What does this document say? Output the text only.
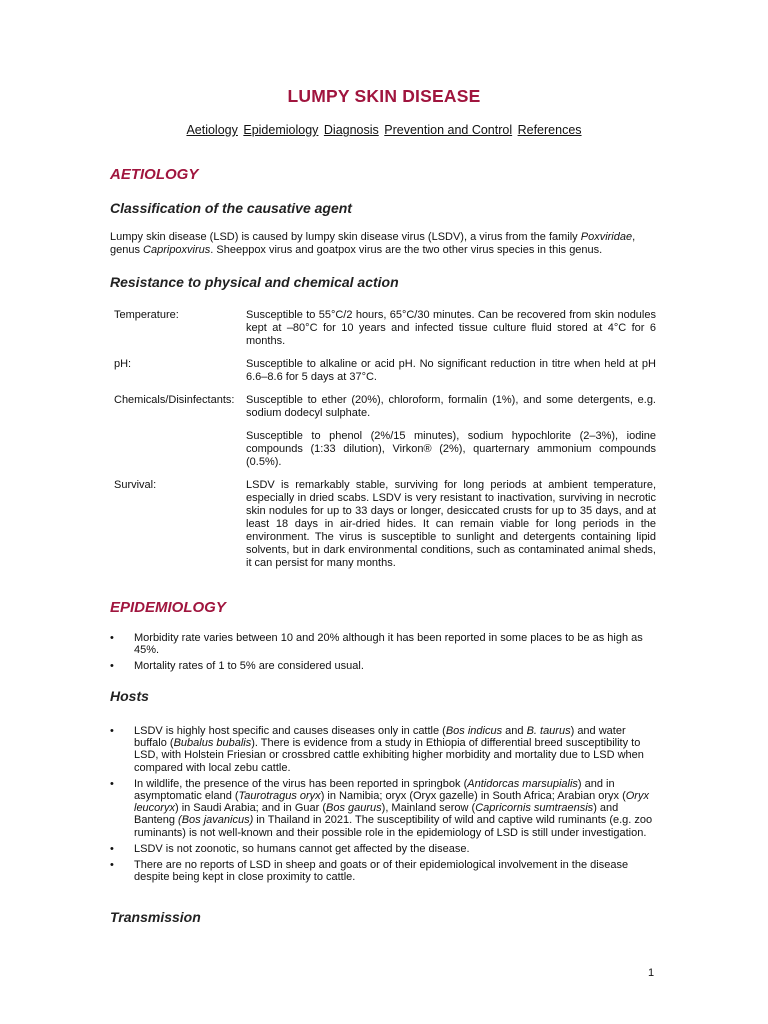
LUMPY SKIN DISEASE
Aetiology Epidemiology Diagnosis Prevention and Control References
AETIOLOGY
Classification of the causative agent

Lumpy skin disease (LSD) is caused by lumpy skin disease virus (LSDV), a virus from the family Poxviridae, genus Capripoxvirus. Sheeppox virus and goatpox virus are the two other virus species in this genus.

Resistance to physical and chemical action
Temperature:	Susceptible to 55°C/2 hours, 65°C/30 minutes. Can be recovered from skin nodules kept at –80°C for 10 years and infected tissue culture fluid stored at 4°C for 6 months.
pH:	Susceptible to alkaline or acid pH. No significant reduction in titre when held at pH 6.6–8.6 for 5 days at 37°C.
Chemicals/Disinfectants:	Susceptible to ether (20%), chloroform, formalin (1%), and some detergents, e.g. sodium dodecyl sulphate.
Susceptible to phenol (2%/15 minutes), sodium hypochlorite (2–3%), iodine compounds (1:33 dilution), Virkon® (2%), quarternary ammonium compounds (0.5%).
Survival:	LSDV is remarkably stable, surviving for long periods at ambient temperature, especially in dried scabs. LSDV is very resistant to inactivation, surviving in necrotic skin nodules for up to 33 days or longer, desiccated crusts for up to 35 days, and at least 18 days in air-dried hides. It can remain viable for long periods in the environment. The virus is susceptible to sunlight and detergents containing lipid solvents, but in dark environmental conditions, such as contaminated animal sheds, it can persist for many months.
EPIDEMIOLOGY
• Morbidity rate varies between 10 and 20% although it has been reported in some places to be as high as 45%.
• Mortality rates of 1 to 5% are considered usual.
Hosts
• LSDV is highly host specific and causes diseases only in cattle (Bos indicus and B. taurus) and water buffalo (Bubalus bubalis). There is evidence from a study in Ethiopia of differential breed susceptibility to LSD, with Holstein Friesian or crossbred cattle exhibiting higher morbidity and mortality due to LSD when compared with local zebu cattle.
• In wildlife, the presence of the virus has been reported in springbok (Antidorcas marsupialis) and in asymptomatic eland (Taurotragus oryx) in Namibia; oryx (Oryx gazelle) in South Africa; Arabian oryx (Oryx leucoryx) in Saudi Arabia; and in Guar (Bos gaurus), Mainland serow (Capricornis sumtraensis) and Banteng (Bos javanicus) in Thailand in 2021. The susceptibility of wild and captive wild ruminants (e.g. zoo ruminants) is not well-known and their possible role in the epidemiology of LSD is still under investigation.
• LSDV is not zoonotic, so humans cannot get affected by the disease.
• There are no reports of LSD in sheep and goats or of their epidemiological involvement in the disease despite being kept in close proximity to cattle.
Transmission
1
